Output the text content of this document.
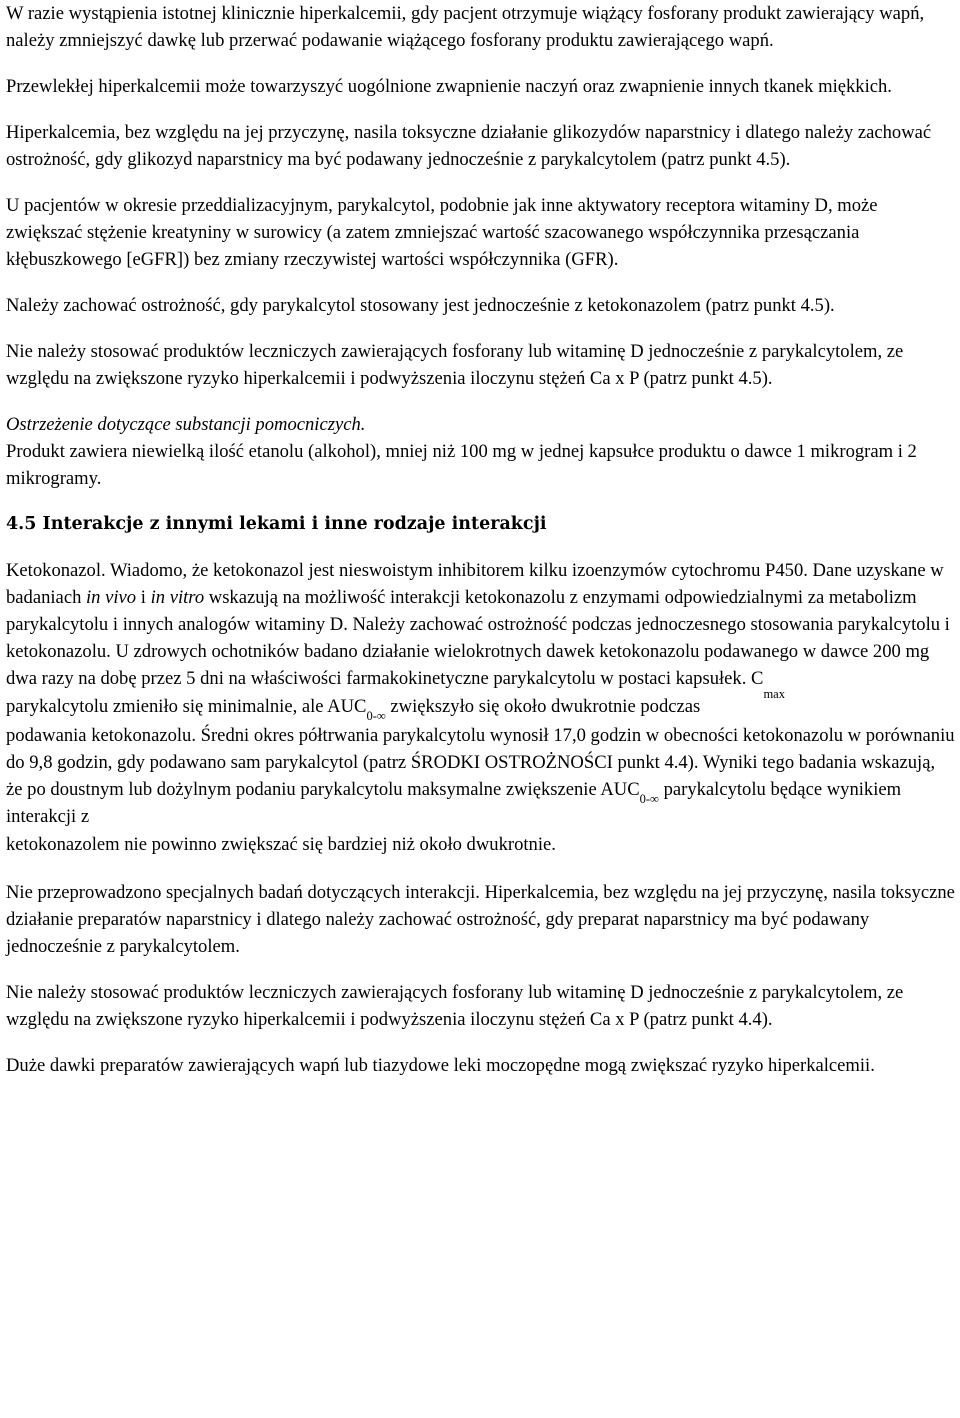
W razie wystąpienia istotnej klinicznie hiperkalcemii, gdy pacjent otrzymuje wiążący fosforany produkt zawierający wapń, należy zmniejszyć dawkę lub przerwać podawanie wiążącego fosforany produktu zawierającego wapń.

Przewlekłej hiperkalcemii może towarzyszyć uogólnione zwapnienie naczyń oraz zwapnienie innych tkanek miękkich.

Hiperkalcemia, bez względu na jej przyczynę, nasila toksyczne działanie glikozydów naparstnicy i dlatego należy zachować ostrożność, gdy glikozyd naparstnicy ma być podawany jednocześnie z parykalcytolem (patrz punkt 4.5).

U pacjentów w okresie przeddializacyjnym, parykalcytol, podobnie jak inne aktywatory receptora witaminy D, może zwiększać stężenie kreatyniny w surowicy (a zatem zmniejszać wartość szacowanego współczynnika przesączania kłębuszkowego [eGFR]) bez zmiany rzeczywistej wartości współczynnika (GFR).

Należy zachować ostrożność, gdy parykalcytol stosowany jest jednocześnie z ketokonazolem (patrz punkt 4.5).

Nie należy stosować produktów leczniczych zawierających fosforany lub witaminę D jednocześnie z parykalcytolem, ze względu na zwiększone ryzyko hiperkalcemii i podwyższenia iloczynu stężeń Ca x P (patrz punkt 4.5).

Ostrzeżenie dotyczące substancji pomocniczych.
Produkt zawiera niewielką ilość etanolu (alkohol), mniej niż 100 mg w jednej kapsułce produktu o dawce 1 mikrogram i 2 mikrogramy.

4.5 Interakcje z innymi lekami i inne rodzaje interakcji

Ketokonazol. Wiadomo, że ketokonazol jest nieswoistym inhibitorem kilku izoenzymów cytochromu P450. Dane uzyskane w badaniach in vivo i in vitro wskazują na możliwość interakcji ketokonazolu z enzymami odpowiedzialnymi za metabolizm parykalcytolu i innych analogów witaminy D. Należy zachować ostrożność podczas jednoczesnego stosowania parykalcytolu i ketokonazolu. U zdrowych ochotników badano działanie wielokrotnych dawek ketokonazolu podawanego w dawce 200 mg dwa razy na dobę przez 5 dni na właściwości farmakokinetyczne parykalcytolu w postaci kapsułek. $C_{max}$

parykalcytolu zmieniło się minimalnie, ale $AUC_{0-\infty}$ zwiększyło się około dwukrotnie podczas

podawania ketokonazolu. Średni okres półtrwania parykalcytolu wynosił 17,0 godzin w obecności ketokonazolu w porównaniu do 9,8 godzin, gdy podawano sam parykalcytol (patrz ŚRODKI OSTROŻNOŚCI punkt 4.4). Wyniki tego badania wskazują, że po doustnym lub dożylnym podaniu parykalcytolu maksymalne zwiększenie $AUC_{0-\infty}$ parykalcytolu będące wynikiem interakcji z

ketokonazolem nie powinno zwiększać się bardziej niż około dwukrotnie.

Nie przeprowadzono specjalnych badań dotyczących interakcji. Hiperkalcemia, bez względu na jej przyczynę, nasila toksyczne działanie preparatów naparstnicy i dlatego należy zachować ostrożność, gdy preparat naparstnicy ma być podawany jednocześnie z parykalcytolem.

Nie należy stosować produktów leczniczych zawierających fosforany lub witaminę D jednocześnie z parykalcytolem, ze względu na zwiększone ryzyko hiperkalcemii i podwyższenia iloczynu stężeń Ca x P (patrz punkt 4.4).

Duże dawki preparatów zawierających wapń lub tiazydowe leki moczopędne mogą zwiększać ryzyko hiperkalcemii.
